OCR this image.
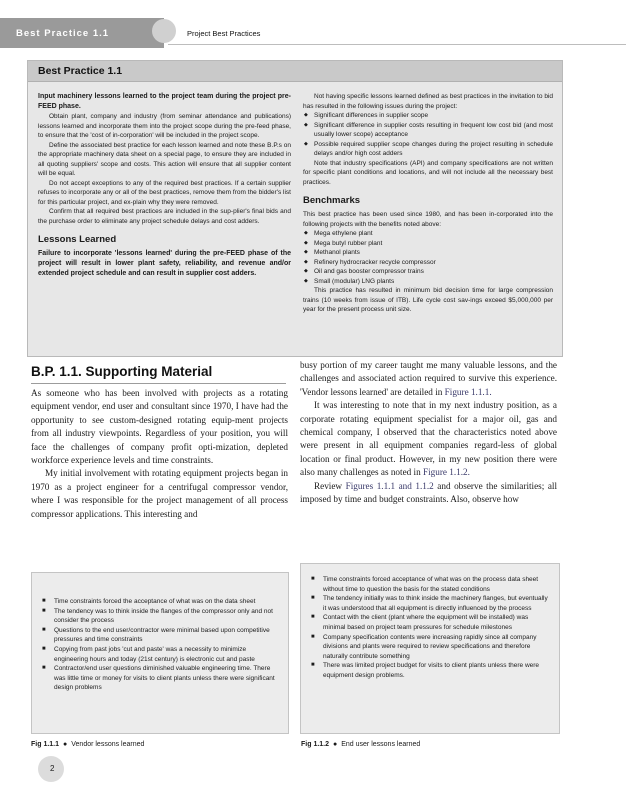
Best Practice 1.1	Project Best Practices
Best Practice 1.1

Input machinery lessons learned to the project team during the project pre-FEED phase.

Obtain plant, company and industry (from seminar attendance and publications) lessons learned and incorporate them into the project scope during the pre-feed phase, to ensure that the 'cost of in-corporation' will be included in the project scope.

Define the associated best practice for each lesson learned and note these B.P.s on the appropriate machinery data sheet on a special page, to ensure they are included in all quoting suppliers' scope and costs. This action will ensure that all supplier content will be equal.

Do not accept exceptions to any of the required best practices. If a certain supplier refuses to incorporate any or all of the best practices, remove them from the bidder's list for this particular project, and ex-plain why they were removed.

Confirm that all required best practices are included in the sup-plier's final bids and the purchase order to eliminate any project schedule delays and cost adders.

Lessons Learned

Failure to incorporate 'lessons learned' during the pre-FEED phase of the project will result in lower plant safety, reliability, and revenue and/or extended project schedule and can result in supplier cost adders.

Not having specific lessons learned defined as best practices in the invitation to bid has resulted in the following issues during the project:

◆ Significant differences in supplier scope
◆ Significant difference in supplier costs resulting in frequent low cost bid (and most usually lower scope) acceptance
◆ Possible required supplier scope changes during the project resulting in schedule delays and/or high cost adders

Note that industry specifications (API) and company specifications are not written for specific plant conditions and locations, and will not include all the necessary best practices.

Benchmarks

This best practice has been used since 1980, and has been in-corporated into the following projects with the benefits noted above:

◆ Mega ethylene plant
◆ Mega butyl rubber plant
◆ Methanol plants
◆ Refinery hydrocracker recycle compressor
◆ Oil and gas booster compressor trains
◆ Small (modular) LNG plants

This practice has resulted in minimum bid decision time for large compression trains (10 weeks from issue of ITB). Life cycle cost sav-ings exceed $5,000,000 per year for the present process unit size.

B.P. 1.1. Supporting Material

As someone who has been involved with projects as a rotating equipment vendor, end user and consultant since 1970, I have had the opportunity to see custom-designed rotating equip-ment projects from all industry viewpoints. Regardless of your position, you will face the challenges of company profit opti-mization, depleted workforce experience levels and time constraints.

My initial involvement with rotating equipment projects began in 1970 as a project engineer for a centrifugal compressor vendor, where I was responsible for the project management of all process compressor applications. This interesting and

busy portion of my career taught me many valuable lessons, and the challenges and associated action required to survive this experience. 'Vendor lessons learned' are detailed in Figure 1.1.1.

It was interesting to note that in my next industry position, as a corporate rotating equipment specialist for a major oil, gas and chemical company, I observed that the characteristics noted above were present in all equipment companies regard-less of global location or final product. However, in my new position there were also many challenges as noted in Figure 1.1.2.

Review Figures 1.1.1 and 1.1.2 and observe the similarities; all imposed by time and budget constraints. Also, observe how

■ Time constraints forced the acceptance of what was on the data sheet
■ The tendency was to think inside the flanges of the compressor only and not consider the process
■ Questions to the end user/contractor were minimal based upon competitive pressures and time constraints
■ Copying from past jobs 'cut and paste' was a necessity to minimize engineering hours and today (21st century) is electronic cut and paste
■ Contractor/end user questions diminished valuable engineering time. There was little time or money for visits to client plants unless there were significant design problems
Fig 1.1.1 ● Vendor lessons learned
■ Time constraints forced acceptance of what was on the process data sheet without time to question the basis for the stated conditions
■ The tendency initially was to think inside the machinery flanges, but eventually it was understood that all equipment is directly influenced by the process
■ Contact with the client (plant where the equipment will be installed) was minimal based on project team pressures for schedule milestones
■ Company specification contents were increasing rapidly since all company divisions and plants were required to review specifications and therefore naturally contribute something
■ There was limited project budget for visits to client plants unless there were equipment design problems.
Fig 1.1.2 ● End user lessons learned
2
